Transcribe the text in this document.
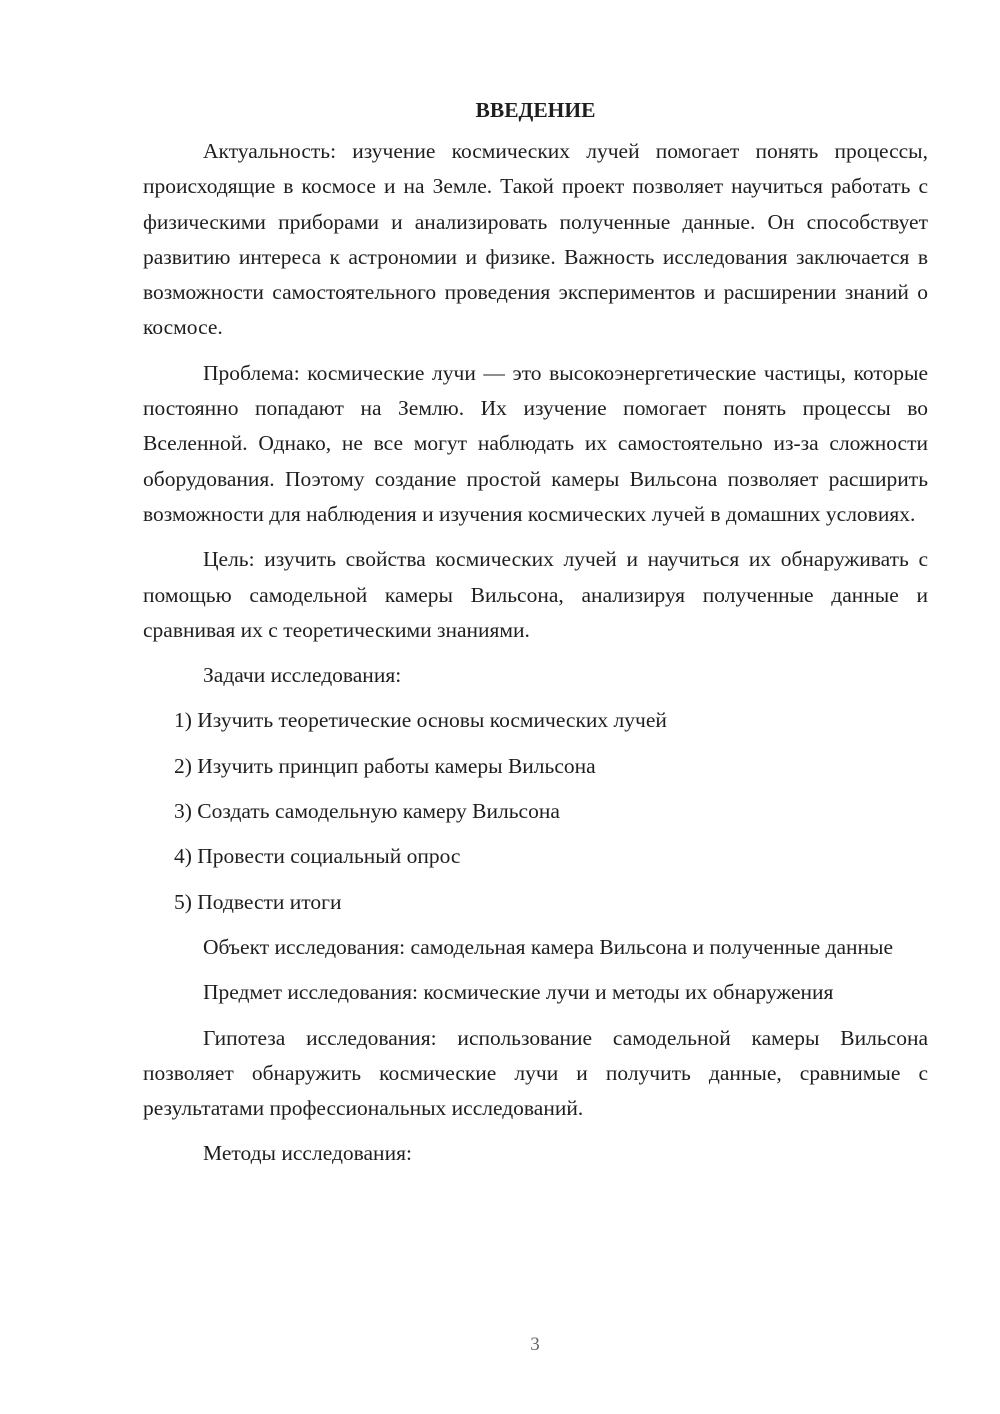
ВВЕДЕНИЕ

Актуальность: изучение космических лучей помогает понять процессы, происходящие в космосе и на Земле. Такой проект позволяет научиться работать с физическими приборами и анализировать полученные данные. Он способствует развитию интереса к астрономии и физике. Важность исследования заключается в возможности самостоятельного проведения экспериментов и расширении знаний о космосе.

Проблема: космические лучи — это высокоэнергетические частицы, которые постоянно попадают на Землю. Их изучение помогает понять процессы во Вселенной. Однако, не все могут наблюдать их самостоятельно из-за сложности оборудования. Поэтому создание простой камеры Вильсона позволяет расширить возможности для наблюдения и изучения космических лучей в домашних условиях.

Цель: изучить свойства космических лучей и научиться их обнаруживать с помощью самодельной камеры Вильсона, анализируя полученные данные и сравнивая их с теоретическими знаниями.

Задачи исследования:

1) Изучить теоретические основы космических лучей

2) Изучить принцип работы камеры Вильсона

3) Создать самодельную камеру Вильсона

4) Провести социальный опрос

5) Подвести итоги

Объект исследования: самодельная камера Вильсона и полученные данные

Предмет исследования: космические лучи и методы их обнаружения

Гипотеза исследования: использование самодельной камеры Вильсона позволяет обнаружить космические лучи и получить данные, сравнимые с результатами профессиональных исследований.

Методы исследования:

3
